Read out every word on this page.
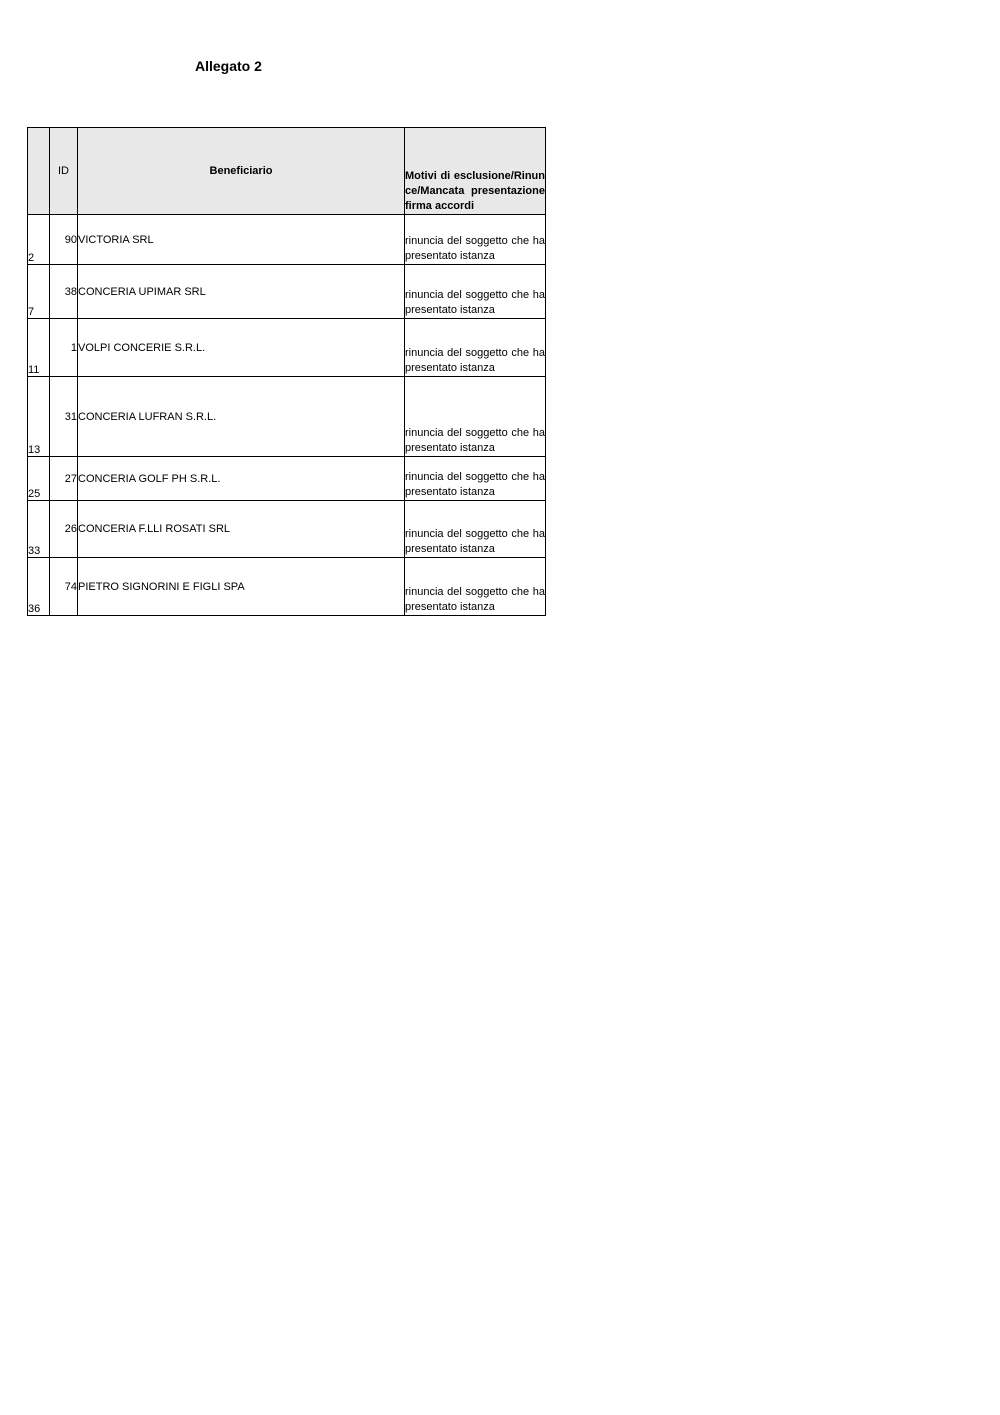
Allegato 2
	ID	Beneficiario	Motivi di esclusione/Rinunce/Mancata presentazione firma accordi
2	90	VICTORIA SRL	rinuncia del soggetto che ha presentato istanza
7	38	CONCERIA UPIMAR SRL	rinuncia del soggetto che ha presentato istanza
11	1	VOLPI CONCERIE S.R.L.	rinuncia del soggetto che ha presentato istanza
13	31	CONCERIA LUFRAN S.R.L.	rinuncia del soggetto che ha presentato istanza
25	27	CONCERIA GOLF PH S.R.L.	rinuncia del soggetto che ha presentato istanza
33	26	CONCERIA F.LLI ROSATI SRL	rinuncia del soggetto che ha presentato istanza
36	74	PIETRO SIGNORINI E FIGLI SPA	rinuncia del soggetto che ha presentato istanza
